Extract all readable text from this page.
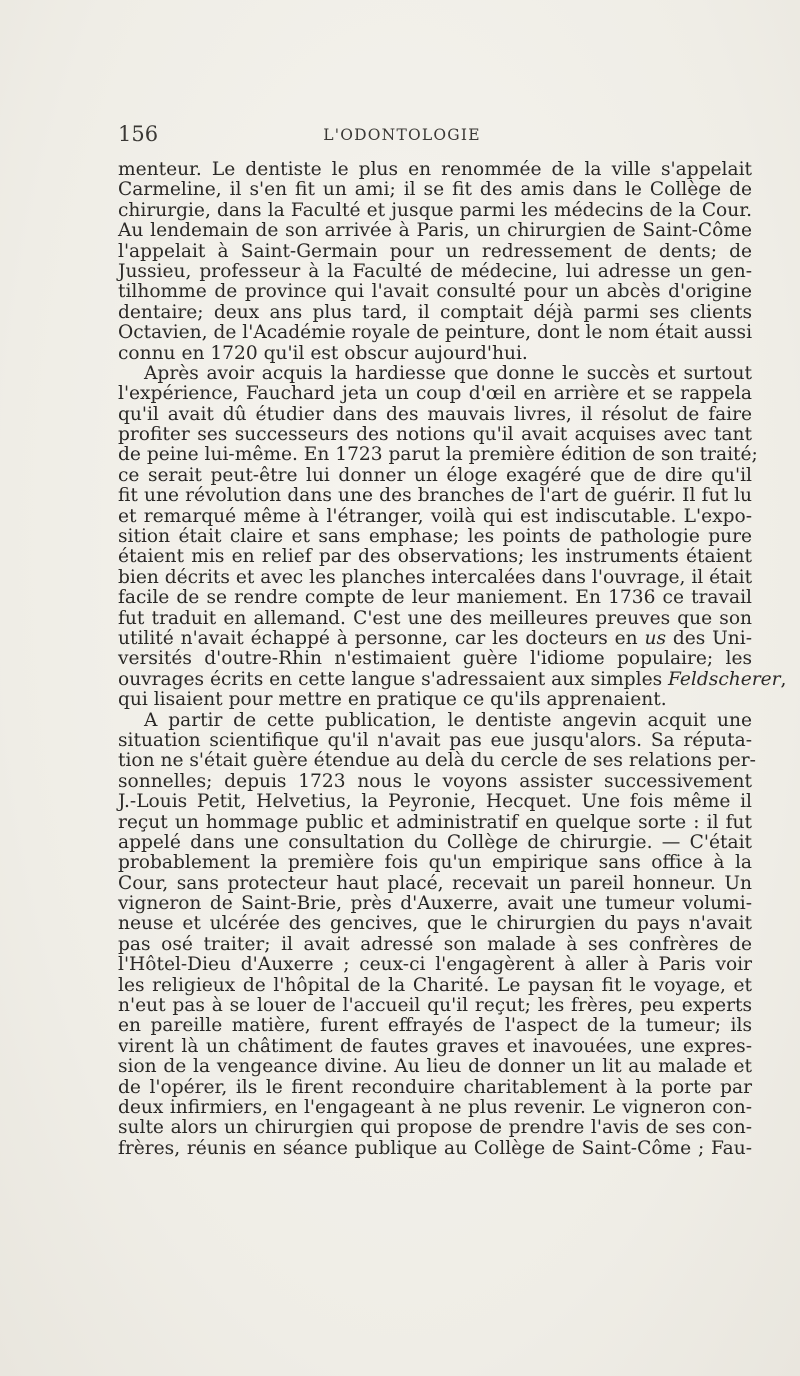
156	L'ODONTOLOGIE
menteur. Le dentiste le plus en renommée de la ville s'appelait
Carmeline, il s'en fit un ami; il se fit des amis dans le Collège de
chirurgie, dans la Faculté et jusque parmi les médecins de la Cour.
Au lendemain de son arrivée à Paris, un chirurgien de Saint-Côme
l'appelait à Saint-Germain pour un redressement de dents; de
Jussieu, professeur à la Faculté de médecine, lui adresse un gen-
tilhomme de province qui l'avait consulté pour un abcès d'origine
dentaire; deux ans plus tard, il comptait déjà parmi ses clients
Octavien, de l'Académie royale de peinture, dont le nom était aussi
connu en 1720 qu'il est obscur aujourd'hui.
Après avoir acquis la hardiesse que donne le succès et surtout
l'expérience, Fauchard jeta un coup d'œil en arrière et se rappela
qu'il avait dû étudier dans des mauvais livres, il résolut de faire
profiter ses successeurs des notions qu'il avait acquises avec tant
de peine lui-même. En 1723 parut la première édition de son traité;
ce serait peut-être lui donner un éloge exagéré que de dire qu'il
fit une révolution dans une des branches de l'art de guérir. Il fut lu
et remarqué même à l'étranger, voilà qui est indiscutable. L'expo-
sition était claire et sans emphase; les points de pathologie pure
étaient mis en relief par des observations; les instruments étaient
bien décrits et avec les planches intercalées dans l'ouvrage, il était
facile de se rendre compte de leur maniement. En 1736 ce travail
fut traduit en allemand. C'est une des meilleures preuves que son
utilité n'avait échappé à personne, car les docteurs en us des Uni-
versités d'outre-Rhin n'estimaient guère l'idiome populaire; les
ouvrages écrits en cette langue s'adressaient aux simples Feldscherer,
qui lisaient pour mettre en pratique ce qu'ils apprenaient.
A partir de cette publication, le dentiste angevin acquit une
situation scientifique qu'il n'avait pas eue jusqu'alors. Sa réputa-
tion ne s'était guère étendue au delà du cercle de ses relations per-
sonnelles; depuis 1723 nous le voyons assister successivement
J.-Louis Petit, Helvetius, la Peyronie, Hecquet. Une fois même il
reçut un hommage public et administratif en quelque sorte : il fut
appelé dans une consultation du Collège de chirurgie. — C'était
probablement la première fois qu'un empirique sans office à la
Cour, sans protecteur haut placé, recevait un pareil honneur. Un
vigneron de Saint-Brie, près d'Auxerre, avait une tumeur volumi-
neuse et ulcérée des gencives, que le chirurgien du pays n'avait
pas osé traiter; il avait adressé son malade à ses confrères de
l'Hôtel-Dieu d'Auxerre ; ceux-ci l'engagèrent à aller à Paris voir
les religieux de l'hôpital de la Charité. Le paysan fit le voyage, et
n'eut pas à se louer de l'accueil qu'il reçut; les frères, peu experts
en pareille matière, furent effrayés de l'aspect de la tumeur; ils
virent là un châtiment de fautes graves et inavouées, une expres-
sion de la vengeance divine. Au lieu de donner un lit au malade et
de l'opérer, ils le firent reconduire charitablement à la porte par
deux infirmiers, en l'engageant à ne plus revenir. Le vigneron con-
sulte alors un chirurgien qui propose de prendre l'avis de ses con-
frères, réunis en séance publique au Collège de Saint-Côme ; Fau-
